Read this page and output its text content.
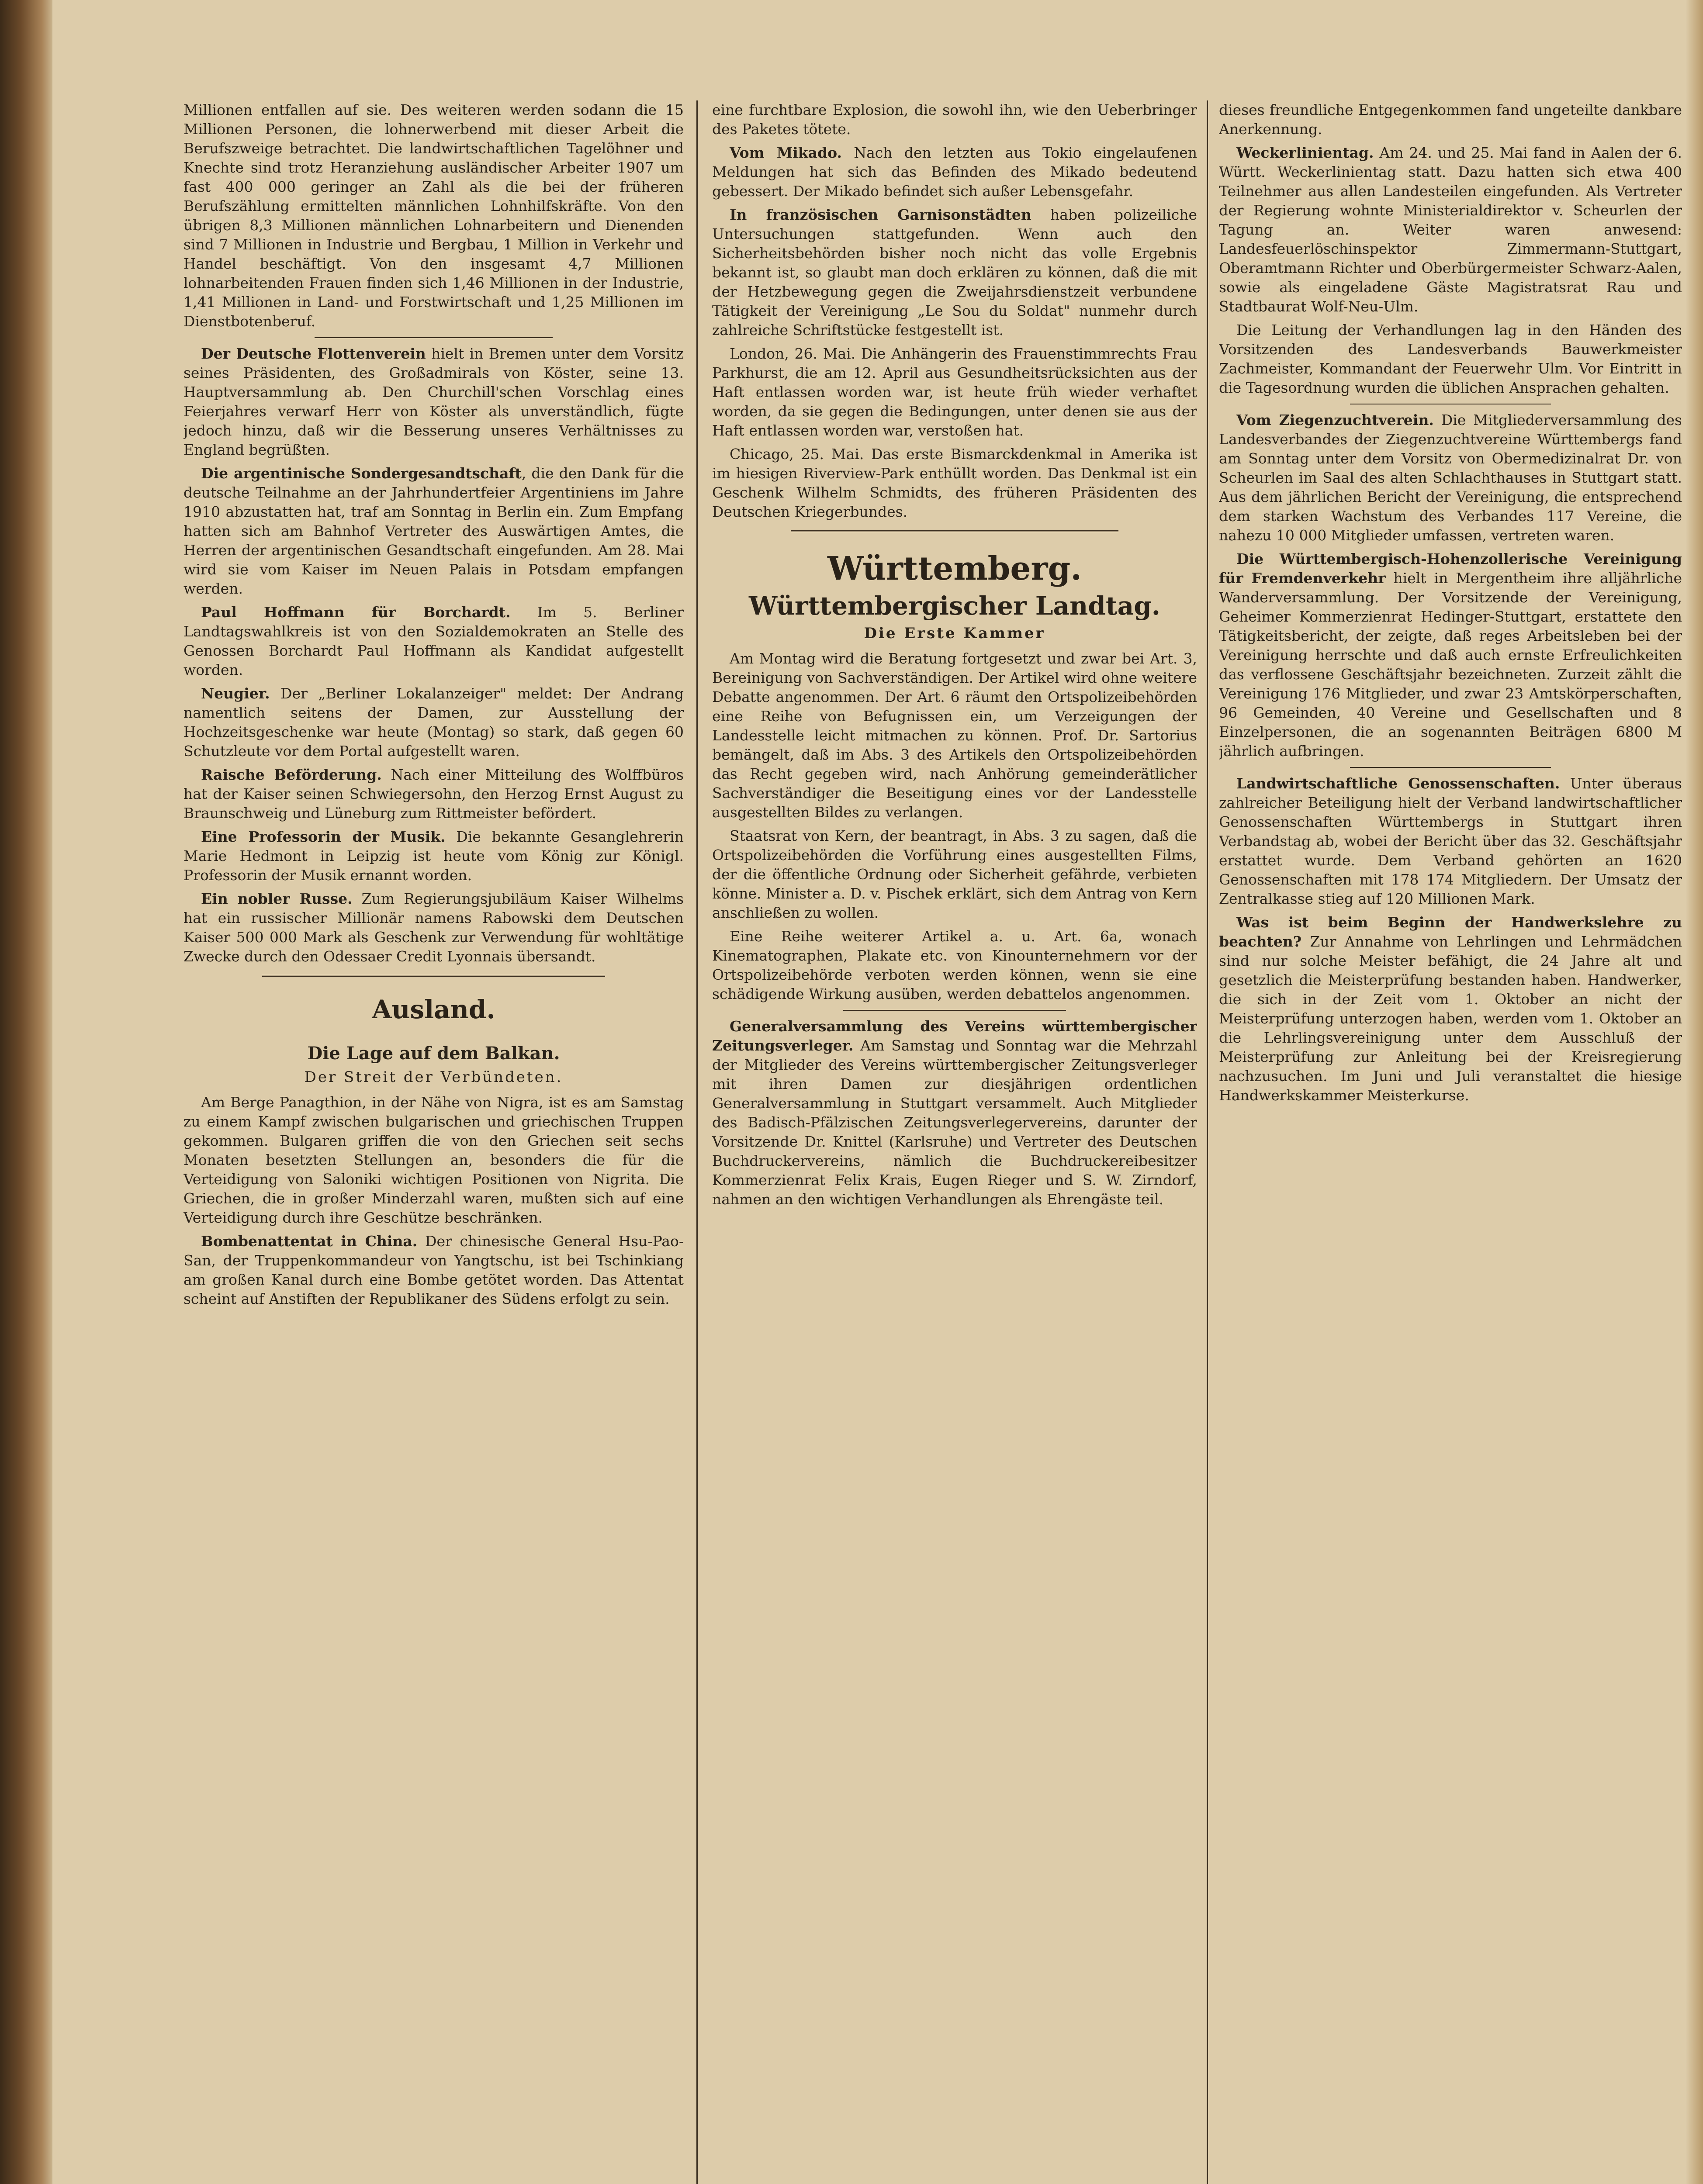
Millionen entfallen auf sie. Des weiteren werden sodann die 15 Millionen Personen, die lohnerwerbend mit dieser Arbeit die Berufszweige betrachtet. Die landwirtschaftlichen Tagelöhner und Knechte sind trotz Heranziehung ausländischer Arbeiter 1907 um fast 400 000 geringer an Zahl als die bei der früheren Berufszählung ermittelten männlichen Lohnhilfskräfte. Von den übrigen 8,3 Millionen männlichen Lohnarbeitern und Dienenden sind 7 Millionen in Industrie und Bergbau, 1 Million in Verkehr und Handel beschäftigt. Von den insgesamt 4,7 Millionen lohnarbeitenden Frauen finden sich 1,46 Millionen in der Industrie, 1,41 Millionen in Land- und Forstwirtschaft und 1,25 Millionen im Dienstbotenberuf.

Der Deutsche Flottenverein hielt in Bremen unter dem Vorsitz seines Präsidenten, des Großadmirals von Köster, seine 13. Hauptversammlung ab. Den Churchill'schen Vorschlag eines Feierjahres verwarf Herr von Köster als unverständlich, fügte jedoch hinzu, daß wir die Besserung unseres Verhältnisses zu England begrüßten.

Die argentinische Sondergesandtschaft, die den Dank für die deutsche Teilnahme an der Jahrhundertfeier Argentiniens im Jahre 1910 abzustatten hat, traf am Sonntag in Berlin ein. Zum Empfang hatten sich am Bahnhof Vertreter des Auswärtigen Amtes, die Herren der argentinischen Gesandtschaft eingefunden. Am 28. Mai wird sie vom Kaiser im Neuen Palais in Potsdam empfangen werden.

Paul Hoffmann für Borchardt. Im 5. Berliner Landtagswahlkreis ist von den Sozialdemokraten an Stelle des Genossen Borchardt Paul Hoffmann als Kandidat aufgestellt worden.

Neugier. Der „Berliner Lokalanzeiger" meldet: Der Andrang namentlich seitens der Damen, zur Ausstellung der Hochzeitsgeschenke war heute (Montag) so stark, daß gegen 60 Schutzleute vor dem Portal aufgestellt waren.

Raische Beförderung. Nach einer Mitteilung des Wolffbüros hat der Kaiser seinen Schwiegersohn, den Herzog Ernst August zu Braunschweig und Lüneburg zum Rittmeister befördert.

Eine Professorin der Musik. Die bekannte Gesanglehrerin Marie Hedmont in Leipzig ist heute vom König zur Königl. Professorin der Musik ernannt worden.

Ein nobler Russe. Zum Regierungsjubiläum Kaiser Wilhelms hat ein russischer Millionär namens Rabowski dem Deutschen Kaiser 500 000 Mark als Geschenk zur Verwendung für wohltätige Zwecke durch den Odessaer Credit Lyonnais übersandt.

Ausland.
Die Lage auf dem Balkan.
Der Streit der Verbündeten.

Am Berge Panagthion, in der Nähe von Nigra, ist es am Samstag zu einem Kampf zwischen bulgarischen und griechischen Truppen gekommen. Bulgaren griffen die von den Griechen seit sechs Monaten besetzten Stellungen an, besonders die für die Verteidigung von Saloniki wichtigen Positionen von Nigrita. Die Griechen, die in großer Minderzahl waren, mußten sich auf eine Verteidigung durch ihre Geschütze beschränken.

Bombenattentat in China. Der chinesische General Hsu-Pao-San, der Truppenkommandeur von Yangtschu, ist bei Tschinkiang am großen Kanal durch eine Bombe getötet worden. Das Attentat scheint auf Anstiften der Republikaner des Südens erfolgt zu sein.

eine furchtbare Explosion, die sowohl ihn, wie den Ueberbringer des Paketes tötete.

Vom Mikado. Nach den letzten aus Tokio eingelaufenen Meldungen hat sich das Befinden des Mikado bedeutend gebessert. Der Mikado befindet sich außer Lebensgefahr.

In französischen Garnisonstädten haben polizeiliche Untersuchungen stattgefunden. Wenn auch den Sicherheitsbehörden bisher noch nicht das volle Ergebnis bekannt ist, so glaubt man doch erklären zu können, daß die mit der Hetzbewegung gegen die Zweijahrsdienstzeit verbundene Tätigkeit der Vereinigung „Le Sou du Soldat" nunmehr durch zahlreiche Schriftstücke festgestellt ist.

London, 26. Mai. Die Anhängerin des Frauenstimmrechts Frau Parkhurst, die am 12. April aus Gesundheitsrücksichten aus der Haft entlassen worden war, ist heute früh wieder verhaftet worden, da sie gegen die Bedingungen, unter denen sie aus der Haft entlassen worden war, verstoßen hat.

Chicago, 25. Mai. Das erste Bismarckdenkmal in Amerika ist im hiesigen Riverview-Park enthüllt worden. Das Denkmal ist ein Geschenk Wilhelm Schmidts, des früheren Präsidenten des Deutschen Kriegerbundes.

Württemberg.
Württembergischer Landtag.
Die Erste Kammer

Am Montag wird die Beratung fortgesetzt und zwar bei Art. 3, Bereinigung von Sachverständigen. Der Artikel wird ohne weitere Debatte angenommen. Der Art. 6 räumt den Ortspolizeibehörden eine Reihe von Befugnissen ein, um Verzeigungen der Landesstelle leicht mitmachen zu können. Prof. Dr. Sartorius bemängelt, daß im Abs. 3 des Artikels den Ortspolizeibehörden das Recht gegeben wird, nach Anhörung gemeinderätlicher Sachverständiger die Beseitigung eines vor der Landesstelle ausgestellten Bildes zu verlangen.

Staatsrat von Kern, der beantragt, in Abs. 3 zu sagen, daß die Ortspolizeibehörden die Vorführung eines ausgestellten Films, der die öffentliche Ordnung oder Sicherheit gefährde, verbieten könne. Minister a. D. v. Pischek erklärt, sich dem Antrag von Kern anschließen zu wollen.

Eine Reihe weiterer Artikel a. u. Art. 6a, wonach Kinematographen, Plakate etc. von Kinounternehmern vor der Ortspolizeibehörde verboten werden können, wenn sie eine schädigende Wirkung ausüben, werden debattelos angenommen.

Generalversammlung des Vereins württembergischer Zeitungsverleger. Am Samstag und Sonntag war die Mehrzahl der Mitglieder des Vereins württembergischer Zeitungsverleger mit ihren Damen zur diesjährigen ordentlichen Generalversammlung in Stuttgart versammelt. Auch Mitglieder des Badisch-Pfälzischen Zeitungsverlegervereins, darunter der Vorsitzende Dr. Knittel (Karlsruhe) und Vertreter des Deutschen Buchdruckervereins, nämlich die Buchdruckereibesitzer Kommerzienrat Felix Krais, Eugen Rieger und S. W. Zirndorf, nahmen an den wichtigen Verhandlungen als Ehrengäste teil.

dieses freundliche Entgegenkommen fand ungeteilte dankbare Anerkennung.

Weckerlinientag. Am 24. und 25. Mai fand in Aalen der 6. Württ. Weckerlinientag statt. Dazu hatten sich etwa 400 Teilnehmer aus allen Landesteilen eingefunden. Als Vertreter der Regierung wohnte Ministerialdirektor v. Scheurlen der Tagung an. Weiter waren anwesend: Landesfeuerlöschinspektor Zimmermann-Stuttgart, Oberamtmann Richter und Oberbürgermeister Schwarz-Aalen, sowie als eingeladene Gäste Magistratsrat Rau und Stadtbaurat Wolf-Neu-Ulm.

Die Leitung der Verhandlungen lag in den Händen des Vorsitzenden des Landesverbands Bauwerkmeister Zachmeister, Kommandant der Feuerwehr Ulm. Vor Eintritt in die Tagesordnung wurden die üblichen Ansprachen gehalten.

Vom Ziegenzuchtverein. Die Mitgliederversammlung des Landesverbandes der Ziegenzuchtvereine Württembergs fand am Sonntag unter dem Vorsitz von Obermedizinalrat Dr. von Scheurlen im Saal des alten Schlachthauses in Stuttgart statt. Aus dem jährlichen Bericht der Vereinigung, die entsprechend dem starken Wachstum des Verbandes 117 Vereine, die nahezu 10 000 Mitglieder umfassen, vertreten waren.

Die Württembergisch-Hohenzollerische Vereinigung für Fremdenverkehr hielt in Mergentheim ihre alljährliche Wanderversammlung. Der Vorsitzende der Vereinigung, Geheimer Kommerzienrat Hedinger-Stuttgart, erstattete den Tätigkeitsbericht, der zeigte, daß reges Arbeitsleben bei der Vereinigung herrschte und daß auch ernste Erfreulichkeiten das verflossene Geschäftsjahr bezeichneten. Zurzeit zählt die Vereinigung 176 Mitglieder, und zwar 23 Amtskörperschaften, 96 Gemeinden, 40 Vereine und Gesellschaften und 8 Einzelpersonen, die an sogenannten Beiträgen 6800 M jährlich aufbringen.

Landwirtschaftliche Genossenschaften. Unter überaus zahlreicher Beteiligung hielt der Verband landwirtschaftlicher Genossenschaften Württembergs in Stuttgart ihren Verbandstag ab, wobei der Bericht über das 32. Geschäftsjahr erstattet wurde. Dem Verband gehörten an 1620 Genossenschaften mit 178 174 Mitgliedern. Der Umsatz der Zentralkasse stieg auf 120 Millionen Mark.

Was ist beim Beginn der Handwerkslehre zu beachten? Zur Annahme von Lehrlingen und Lehrmädchen sind nur solche Meister befähigt, die 24 Jahre alt und gesetzlich die Meisterprüfung bestanden haben. Handwerker, die sich in der Zeit vom 1. Oktober an nicht der Meisterprüfung unterzogen haben, werden vom 1. Oktober an die Lehrlingsvereinigung unter dem Ausschluß der Meisterprüfung zur Anleitung bei der Kreisregierung nachzusuchen. Im Juni und Juli veranstaltet die hiesige Handwerkskammer Meisterkurse.
